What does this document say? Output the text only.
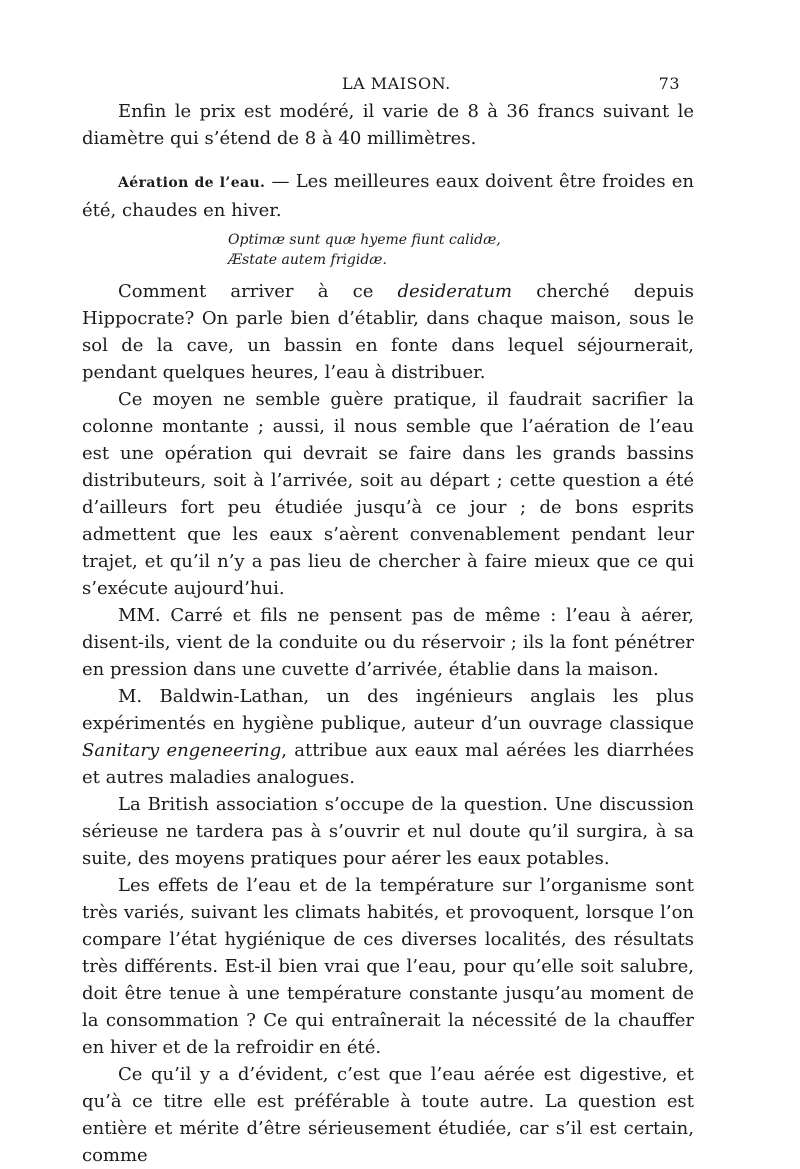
LA MAISON.	73

Enfin le prix est modéré, il varie de 8 à 36 francs suivant le diamètre qui s’étend de 8 à 40 millimètres.

Aération de l’eau. — Les meilleures eaux doivent être froides en été, chaudes en hiver.

Optimæ sunt quæ hyeme fiunt calidæ,
Æstate autem frigidæ.

Comment arriver à ce desideratum cherché depuis Hippocrate? On parle bien d’établir, dans chaque maison, sous le sol de la cave, un bassin en fonte dans lequel séjournerait, pendant quelques heures, l’eau à distribuer.

Ce moyen ne semble guère pratique, il faudrait sacrifier la colonne montante ; aussi, il nous semble que l’aération de l’eau est une opération qui devrait se faire dans les grands bassins distributeurs, soit à l’arrivée, soit au départ ; cette question a été d’ailleurs fort peu étudiée jusqu’à ce jour ; de bons esprits admettent que les eaux s’aèrent convenablement pendant leur trajet, et qu’il n’y a pas lieu de chercher à faire mieux que ce qui s’exécute aujourd’hui.

MM. Carré et fils ne pensent pas de même : l’eau à aérer, disent-ils, vient de la conduite ou du réservoir ; ils la font pénétrer en pression dans une cuvette d’arrivée, établie dans la maison.

M. Baldwin-Lathan, un des ingénieurs anglais les plus expérimentés en hygiène publique, auteur d’un ouvrage classique Sanitary engeneering, attribue aux eaux mal aérées les diarrhées et autres maladies analogues.

La British association s’occupe de la question. Une discussion sérieuse ne tardera pas à s’ouvrir et nul doute qu’il surgira, à sa suite, des moyens pratiques pour aérer les eaux potables.

Les effets de l’eau et de la température sur l’organisme sont très variés, suivant les climats habités, et provoquent, lorsque l’on compare l’état hygiénique de ces diverses localités, des résultats très différents. Est-il bien vrai que l’eau, pour qu’elle soit salubre, doit être tenue à une température constante jusqu’au moment de la consommation ? Ce qui entraînerait la nécessité de la chauffer en hiver et de la refroidir en été.

Ce qu’il y a d’évident, c’est que l’eau aérée est digestive, et qu’à ce titre elle est préférable à toute autre. La question est entière et mérite d’être sérieusement étudiée, car s’il est certain, comme
